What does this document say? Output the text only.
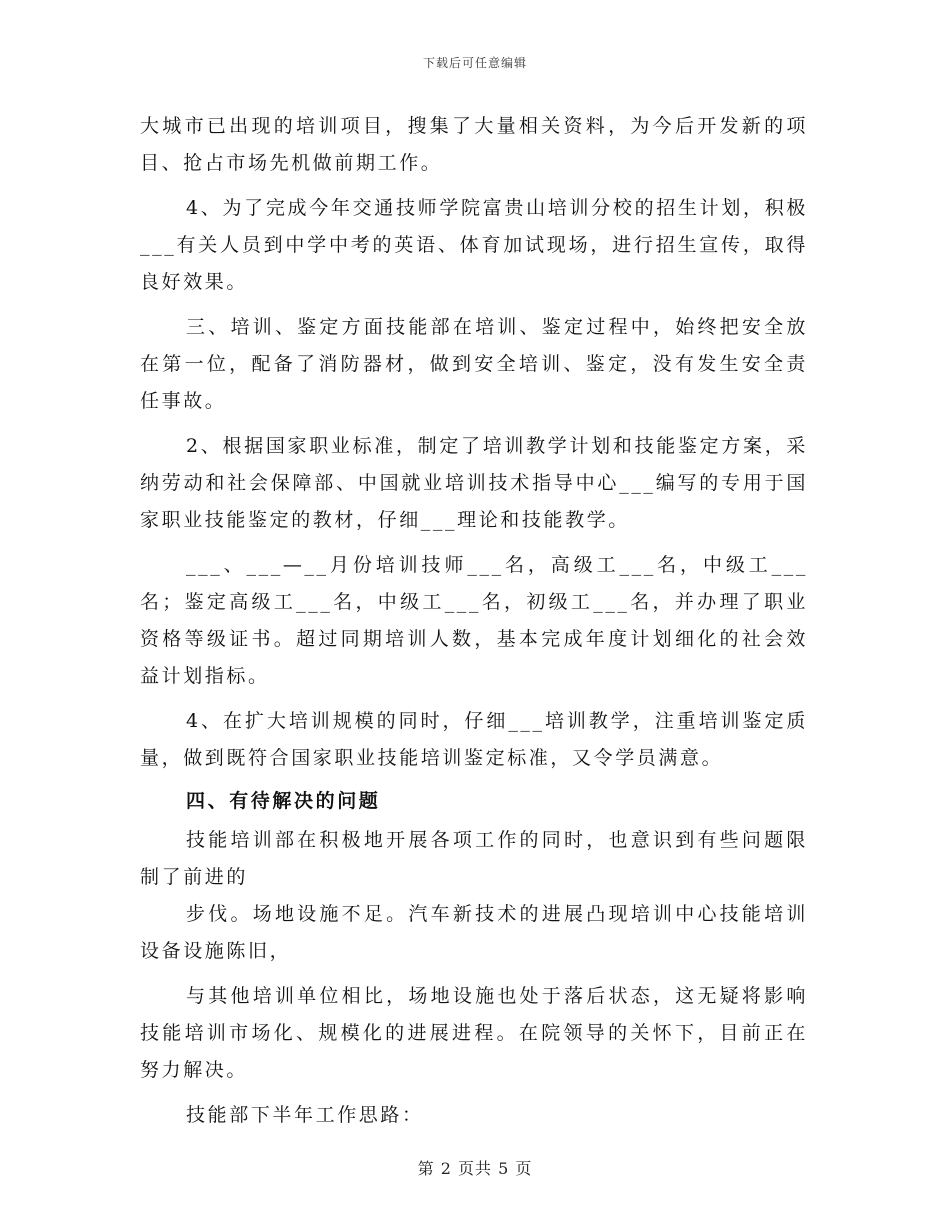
下载后可任意编辑

大城市已出现的培训项目，搜集了大量相关资料，为今后开发新的项目、抢占市场先机做前期工作。

4、为了完成今年交通技师学院富贵山培训分校的招生计划，积极___有关人员到中学中考的英语、体育加试现场，进行招生宣传，取得良好效果。

三、培训、鉴定方面技能部在培训、鉴定过程中，始终把安全放在第一位，配备了消防器材，做到安全培训、鉴定，没有发生安全责任事故。

2、根据国家职业标准，制定了培训教学计划和技能鉴定方案，采纳劳动和社会保障部、中国就业培训技术指导中心___编写的专用于国家职业技能鉴定的教材，仔细___理论和技能教学。

___、___—__月份培训技师___名，高级工___名，中级工___名；鉴定高级工___名，中级工___名，初级工___名，并办理了职业资格等级证书。超过同期培训人数，基本完成年度计划细化的社会效益计划指标。

4、在扩大培训规模的同时，仔细___培训教学，注重培训鉴定质量，做到既符合国家职业技能培训鉴定标准，又令学员满意。

四、有待解决的问题

技能培训部在积极地开展各项工作的同时，也意识到有些问题限制了前进的

步伐。场地设施不足。汽车新技术的进展凸现培训中心技能培训设备设施陈旧，

与其他培训单位相比，场地设施也处于落后状态，这无疑将影响技能培训市场化、规模化的进展进程。在院领导的关怀下，目前正在努力解决。

技能部下半年工作思路：

第 2 页共 5 页
